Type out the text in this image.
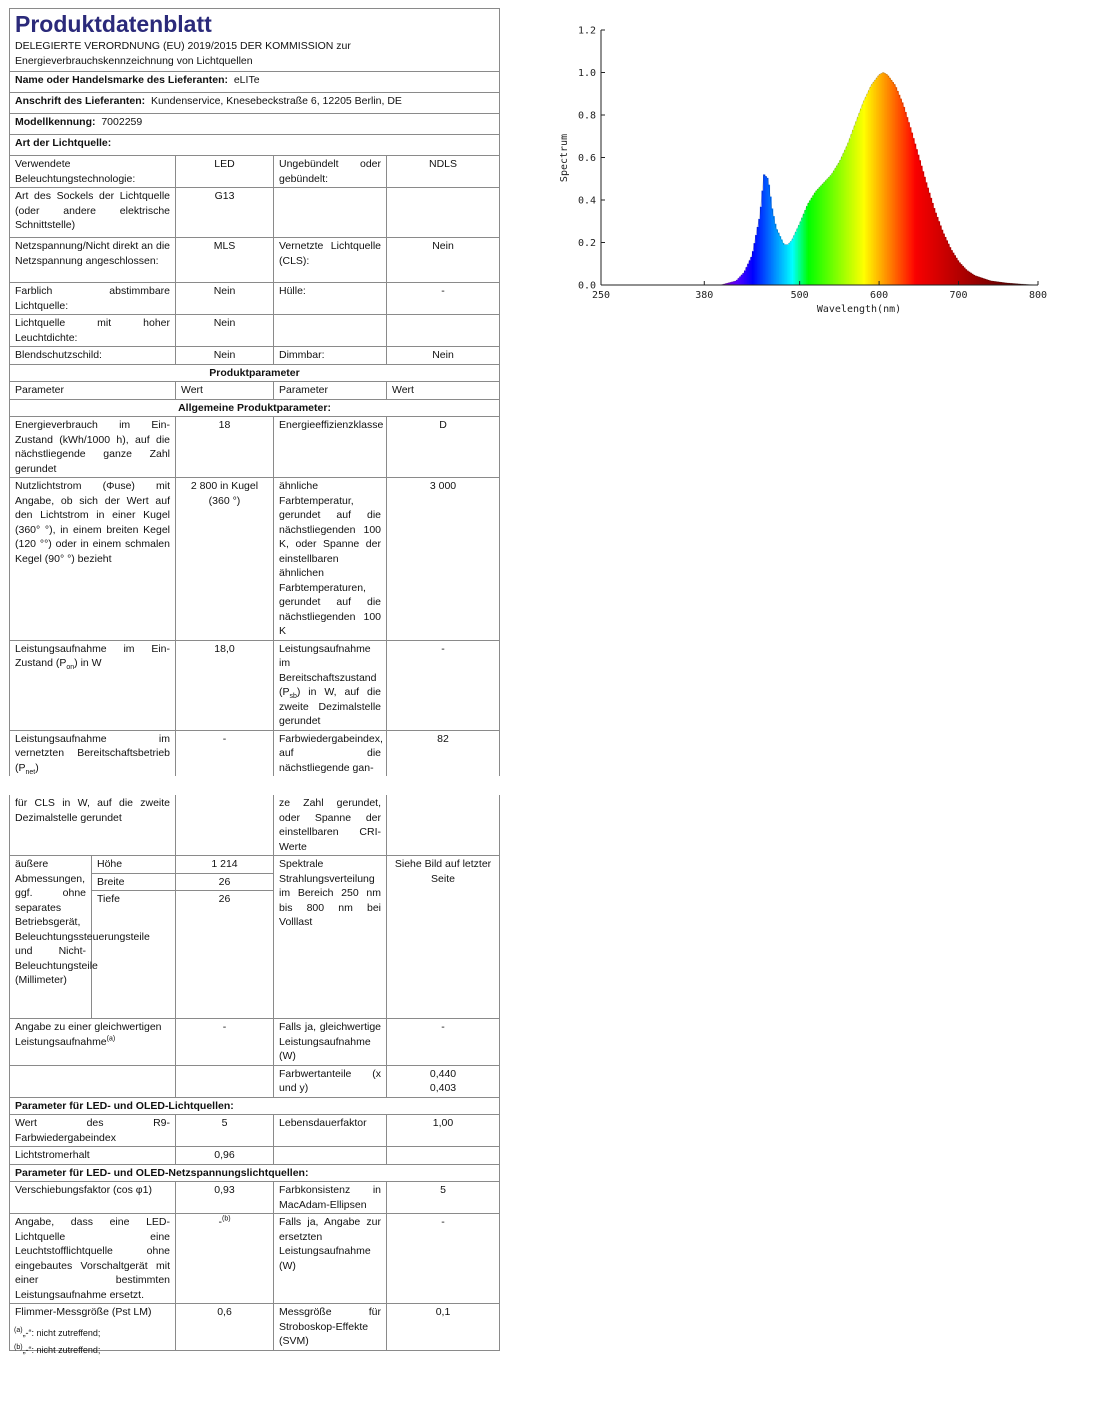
Produktdatenblatt
DELEGIERTE VERORDNUNG (EU) 2019/2015 DER KOMMISSION zur Energieverbrauchskennzeichnung von Lichtquellen			

Name oder Handelsmarke des Lieferanten: eLITe			
Anschrift des Lieferanten: Kundenservice, Knesebeckstraße 6, 12205 Berlin, DE			
Modellkennung: 7002259			
Art der Lichtquelle:			
Verwendete Beleuchtungstechnologie:	LED	Ungebündelt oder gebündelt:	NDLS
Art des Sockels der Lichtquelle (oder andere elektrische Schnittstelle)	G13		
Netzspannung/Nicht direkt an die Netzspannung angeschlossen:	MLS	Vernetzte Lichtquelle (CLS):	Nein
Farblich abstimmbare Lichtquelle:	Nein	Hülle:	-
Lichtquelle mit hoher Leuchtdichte:	Nein		
Blendschutzschild:	Nein	Dimmbar:	Nein
Produktparameter			
Parameter	Wert	Parameter	Wert
Allgemeine Produktparameter:			
Energieverbrauch im Ein-Zustand (kWh/1000 h), auf die nächstliegende ganze Zahl gerundet	18	Energieeffizienzklasse	D
Nutzlichtstrom (Φuse) mit Angabe, ob sich der Wert auf den Lichtstrom in einer Kugel (360° °), in einem breiten Kegel (120 °°) oder in einem schmalen Kegel (90° °) bezieht	2 800 in Kugel (360 °)	ähnliche Farbtemperatur, gerundet auf die nächstliegenden 100 K, oder Spanne der einstellbaren ähnlichen Farbtemperaturen, gerundet auf die nächstliegenden 100 K	3 000
Leistungsaufnahme im Ein-Zustand $(P_{on})$ in W	18,0	Leistungsaufnahme im Bereitschaftszustand $(P_{sb})$ in W, auf die zweite Dezimalstelle gerundet	-
Leistungsaufnahme im vernetzten Bereitschaftsbetrieb $(P_{net})$	-	Farbwiedergabeindex, auf die nächstliegende gan-	82
250	380	500	600	700	800
0.0
0.2
0.4
0.6
0.8
1.0
1.2
Wavelength(nm)
Spectrum
für CLS in W, auf die zweite Dezimalstelle gerundet			ze Zahl gerundet, oder Spanne der einstellbaren CRI-Werte	
äußere Abmessungen, ggf. ohne separates Betriebsgerät, Beleuchtungssteuerungsteile und Nicht-Beleuchtungsteile (Millimeter)	Höhe	1 214	Spektrale Strahlungsverteilung im Bereich 250 nm bis 800 nm bei Volllast	Siehe Bild auf letzter Seite
	Breite	26		
	Tiefe	26		
Angabe zu einer gleichwertigen Leistungsaufnahme$^{(a)}$		-	Falls ja, gleichwertige Leistungsaufnahme (W)	-
			Farbwertanteile (x und y)	0,440
0,403

Parameter für LED- und OLED-Lichtquellen:				
Wert des R9-Farbwiedergabeindex		5	Lebensdauerfaktor	1,00
Lichtstromerhalt		0,96		
Parameter für LED- und OLED-Netzspannungslichtquellen:				
Verschiebungsfaktor (cos φ1)		0,93	Farbkonsistenz in MacAdam-Ellipsen	5
Angabe, dass eine LED-Lichtquelle eine Leuchtstofflichtquelle ohne eingebautes Vorschaltgerät mit einer bestimmten Leistungsaufnahme ersetzt.		-$^{(b)}$	Falls ja, Angabe zur ersetzten Leistungsaufnahme (W)	-
Flimmer-Messgröße (Pst LM)		0,6	Messgröße für Stroboskop-Effekte (SVM)	0,1
$^{(a)}$„-“: nicht zutreffend;
$^{(b)}$„-“: nicht zutreffend;
